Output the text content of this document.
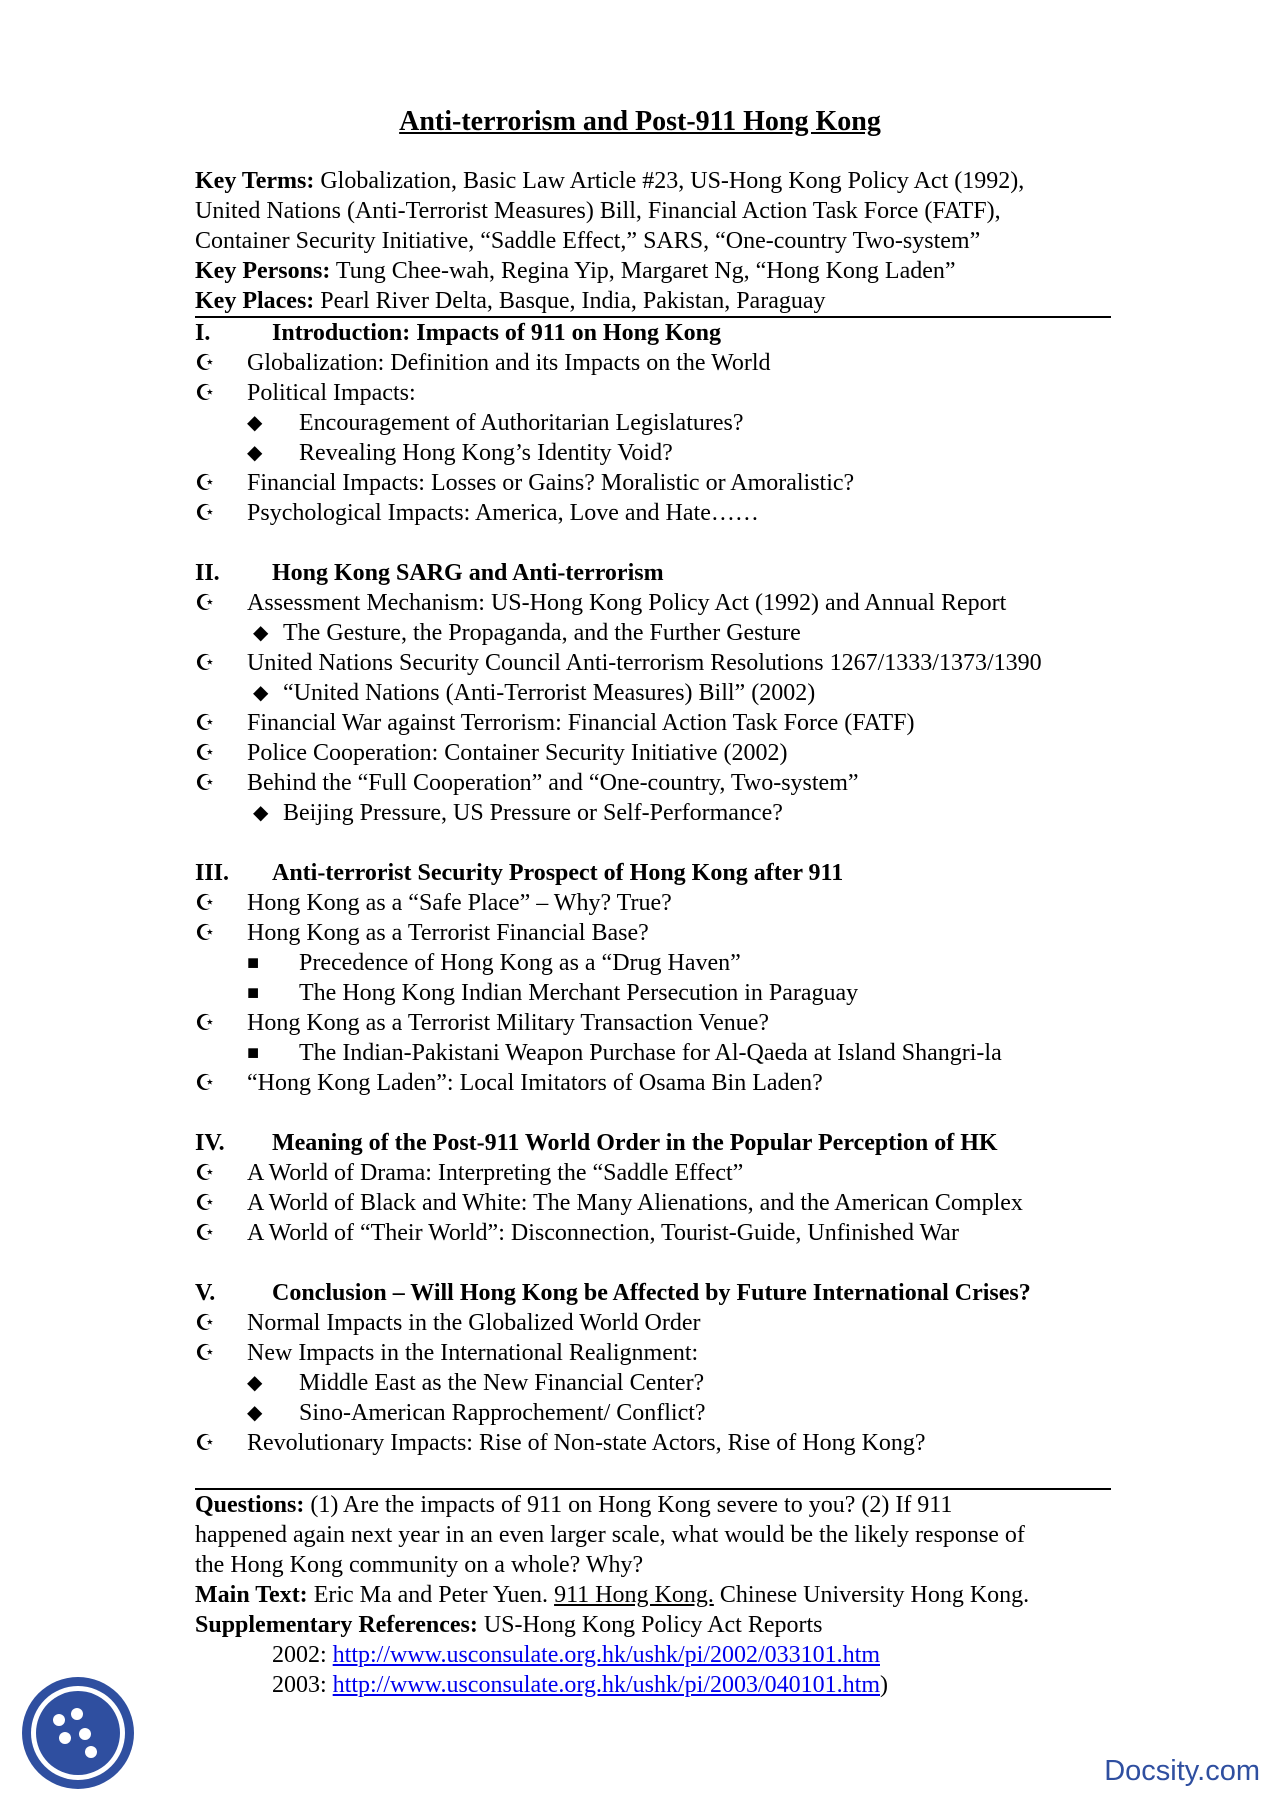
Anti-terrorism and Post-911 Hong Kong
Key Terms: Globalization, Basic Law Article #23, US-Hong Kong Policy Act (1992),
United Nations (Anti-Terrorist Measures) Bill, Financial Action Task Force (FATF),
Container Security Initiative, “Saddle Effect,” SARS, “One-country Two-system”
Key Persons: Tung Chee-wah, Regina Yip, Margaret Ng, “Hong Kong Laden”
Key Places: Pearl River Delta, Basque, India, Pakistan, Paraguay
I.	Introduction: Impacts of 911 on Hong Kong
☪	Globalization: Definition and its Impacts on the World
☪	Political Impacts:
◆	Encouragement of Authoritarian Legislatures?
◆	Revealing Hong Kong’s Identity Void?
☪	Financial Impacts: Losses or Gains? Moralistic or Amoralistic?
☪	Psychological Impacts: America, Love and Hate……
II.	Hong Kong SARG and Anti-terrorism
☪	Assessment Mechanism: US-Hong Kong Policy Act (1992) and Annual Report
◆ The Gesture, the Propaganda, and the Further Gesture
☪	United Nations Security Council Anti-terrorism Resolutions 1267/1333/1373/1390
◆ “United Nations (Anti-Terrorist Measures) Bill” (2002)
☪	Financial War against Terrorism: Financial Action Task Force (FATF)
☪	Police Cooperation: Container Security Initiative (2002)
☪	Behind the “Full Cooperation” and “One-country, Two-system”
◆ Beijing Pressure, US Pressure or Self-Performance?
III.	Anti-terrorist Security Prospect of Hong Kong after 911
☪	Hong Kong as a “Safe Place” – Why? True?
☪	Hong Kong as a Terrorist Financial Base?
■	Precedence of Hong Kong as a “Drug Haven”
■	The Hong Kong Indian Merchant Persecution in Paraguay
☪	Hong Kong as a Terrorist Military Transaction Venue?
■	The Indian-Pakistani Weapon Purchase for Al-Qaeda at Island Shangri-la
☪	“Hong Kong Laden”: Local Imitators of Osama Bin Laden?
IV.	Meaning of the Post-911 World Order in the Popular Perception of HK
☪	A World of Drama: Interpreting the “Saddle Effect”
☪	A World of Black and White: The Many Alienations, and the American Complex
☪	A World of “Their World”: Disconnection, Tourist-Guide, Unfinished War
V.	Conclusion – Will Hong Kong be Affected by Future International Crises?
☪	Normal Impacts in the Globalized World Order
☪	New Impacts in the International Realignment:
◆	Middle East as the New Financial Center?
◆	Sino-American Rapprochement/ Conflict?
☪	Revolutionary Impacts: Rise of Non-state Actors, Rise of Hong Kong?
Questions: (1) Are the impacts of 911 on Hong Kong severe to you? (2) If 911
happened again next year in an even larger scale, what would be the likely response of
the Hong Kong community on a whole? Why?
Main Text: Eric Ma and Peter Yuen. 911 Hong Kong. Chinese University Hong Kong.
Supplementary References: US-Hong Kong Policy Act Reports
2002: http://www.usconsulate.org.hk/ushk/pi/2002/033101.htm
2003: http://www.usconsulate.org.hk/ushk/pi/2003/040101.htm)
Docsity.com
